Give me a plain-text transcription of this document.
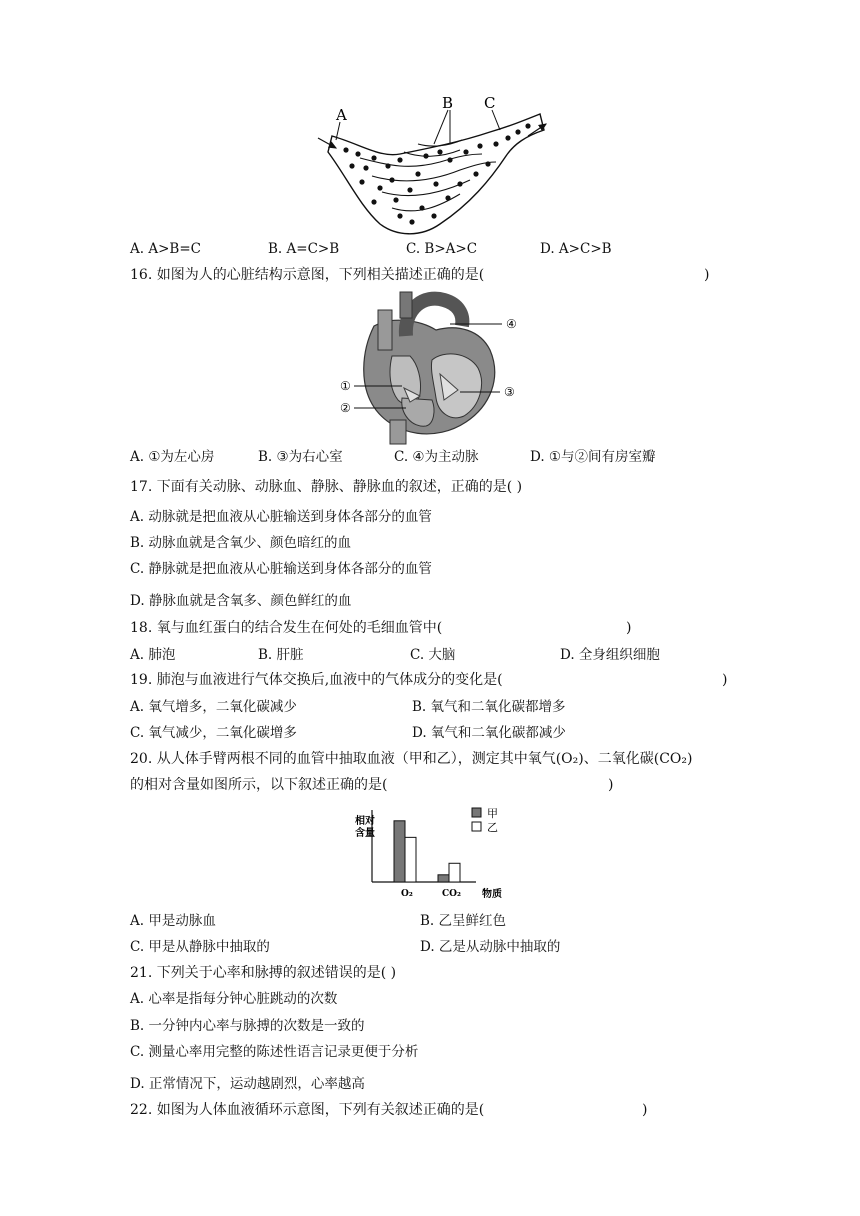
A
B C
A. A>B=C	B. A=C>B	C. B>A>C	D. A>C>B
16. 如图为人的心脏结构示意图，下列相关描述正确的是(	)
①
②
③
④
A. ①为左心房	B. ③为右心室	C. ④为主动脉	D. ①与②间有房室瓣
17. 下面有关动脉、动脉血、静脉、静脉血的叙述，正确的是( )
A. 动脉就是把血液从心脏输送到身体各部分的血管
B. 动脉血就是含氧少、颜色暗红的血
C. 静脉就是把血液从心脏输送到身体各部分的血管
D. 静脉血就是含氧多、颜色鲜红的血
18. 氧与血红蛋白的结合发生在何处的毛细血管中(	)
A. 肺泡	B. 肝脏	C. 大脑	D. 全身组织细胞
19. 肺泡与血液进行气体交换后,血液中的气体成分的变化是(	)
A. 氧气增多，二氧化碳减少	B. 氧气和二氧化碳都增多
C. 氧气减少，二氧化碳增多	D. 氧气和二氧化碳都减少
20. 从人体手臂两根不同的血管中抽取血液（甲和乙），测定其中氧气(O₂)、二氧化碳(CO₂)
的相对含量如图所示，以下叙述正确的是(	)
相对含量
O₂	CO₂ 物质
甲
乙
A. 甲是动脉血	B. 乙呈鲜红色
C. 甲是从静脉中抽取的	D. 乙是从动脉中抽取的
21. 下列关于心率和脉搏的叙述错误的是( )
A. 心率是指每分钟心脏跳动的次数
B. 一分钟内心率与脉搏的次数是一致的
C. 测量心率用完整的陈述性语言记录更便于分析
D. 正常情况下，运动越剧烈，心率越高
22. 如图为人体血液循环示意图，下列有关叙述正确的是(	)
